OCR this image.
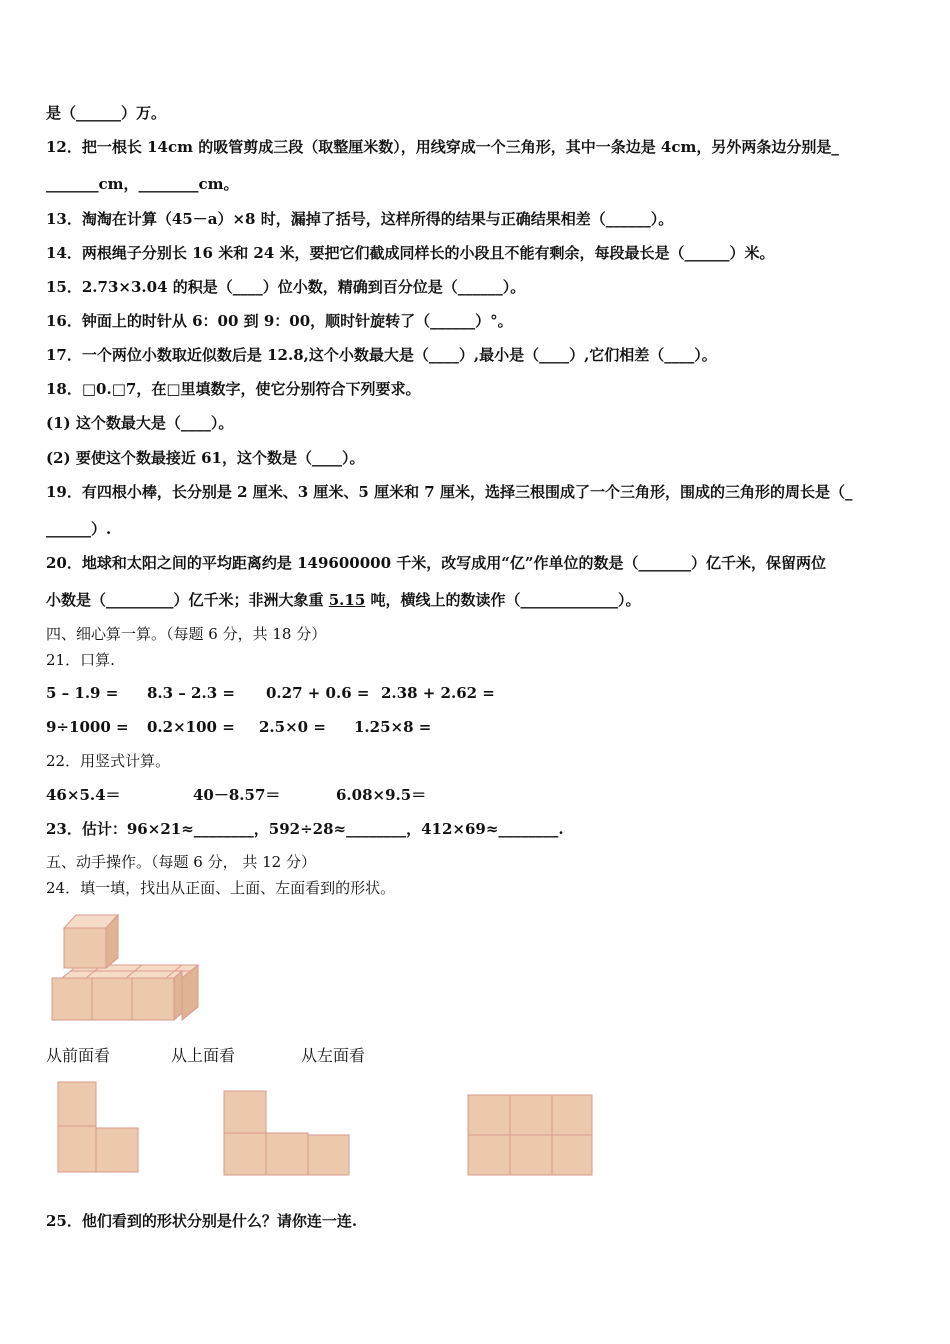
是（______）万。
12．把一根长 14cm 的吸管剪成三段（取整厘米数），用线穿成一个三角形，其中一条边是 4cm，另外两条边分别是_
_______cm，________cm。
13．淘淘在计算（45－a）×8 时，漏掉了括号，这样所得的结果与正确结果相差（______）。
14．两根绳子分别长 16 米和 24 米，要把它们截成同样长的小段且不能有剩余，每段最长是（______）米。
15．2.73×3.04 的积是（____）位小数，精确到百分位是（______）。
16．钟面上的时针从 6：00 到 9：00，顺时针旋转了（______）°。
17．一个两位小数取近似数后是 12.8,这个小数最大是（____）,最小是（____）,它们相差（____）。
18．□0.□7，在□里填数字，使它分别符合下列要求。
(1) 这个数最大是（____）。
(2) 要使这个数最接近 61，这个数是（____）。
19．有四根小棒，长分别是 2 厘米、3 厘米、5 厘米和 7 厘米，选择三根围成了一个三角形，围成的三角形的周长是（_
______）.
20．地球和太阳之间的平均距离约是 149600000 千米，改写成用“亿”作单位的数是（_______）亿千米，保留两位
小数是（_________）亿千米；非洲大象重 5.15 吨，横线上的数读作（_____________）。
四、细心算一算。（每题 6 分，共 18 分）
21．口算.
5 – 1.9 = 8.3 – 2.3 = 0.27 + 0.6 = 2.38 + 2.62 =
9÷1000 = 0.2×100 = 2.5×0 = 1.25×8 =
22．用竖式计算。
46×5.4＝	40－8.57＝	6.08×9.5＝
23．估计：96×21≈________，592÷28≈________，412×69≈________.
五、动手操作。（每题 6 分， 共 12 分）
24．填一填，找出从正面、上面、左面看到的形状。
从前面看	从上面看	从左面看
25．他们看到的形状分别是什么？请你连一连.
